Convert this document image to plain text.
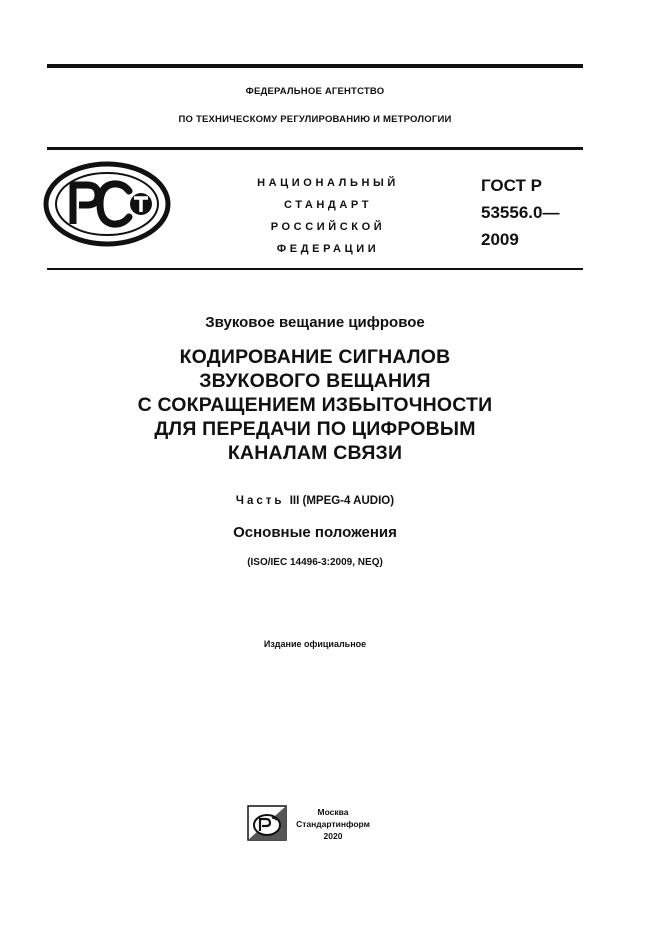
ФЕДЕРАЛЬНОЕ АГЕНТСТВО
ПО ТЕХНИЧЕСКОМУ РЕГУЛИРОВАНИЮ И МЕТРОЛОГИИ
НАЦИОНАЛЬНЫЙ
СТАНДАРТ
РОССИЙСКОЙ
ФЕДЕРАЦИИ
ГОСТ Р
53556.0—
2009
Звуковое вещание цифровое
КОДИРОВАНИЕ СИГНАЛОВ
ЗВУКОВОГО ВЕЩАНИЯ
С СОКРАЩЕНИЕМ ИЗБЫТОЧНОСТИ
ДЛЯ ПЕРЕДАЧИ ПО ЦИФРОВЫМ
КАНАЛАМ СВЯЗИ
Часть III (MPEG-4 AUDIO)
Основные положения
(ISO/IEC 14496-3:2009, NEQ)
Издание официальное
Москва
Стандартинформ
2020
